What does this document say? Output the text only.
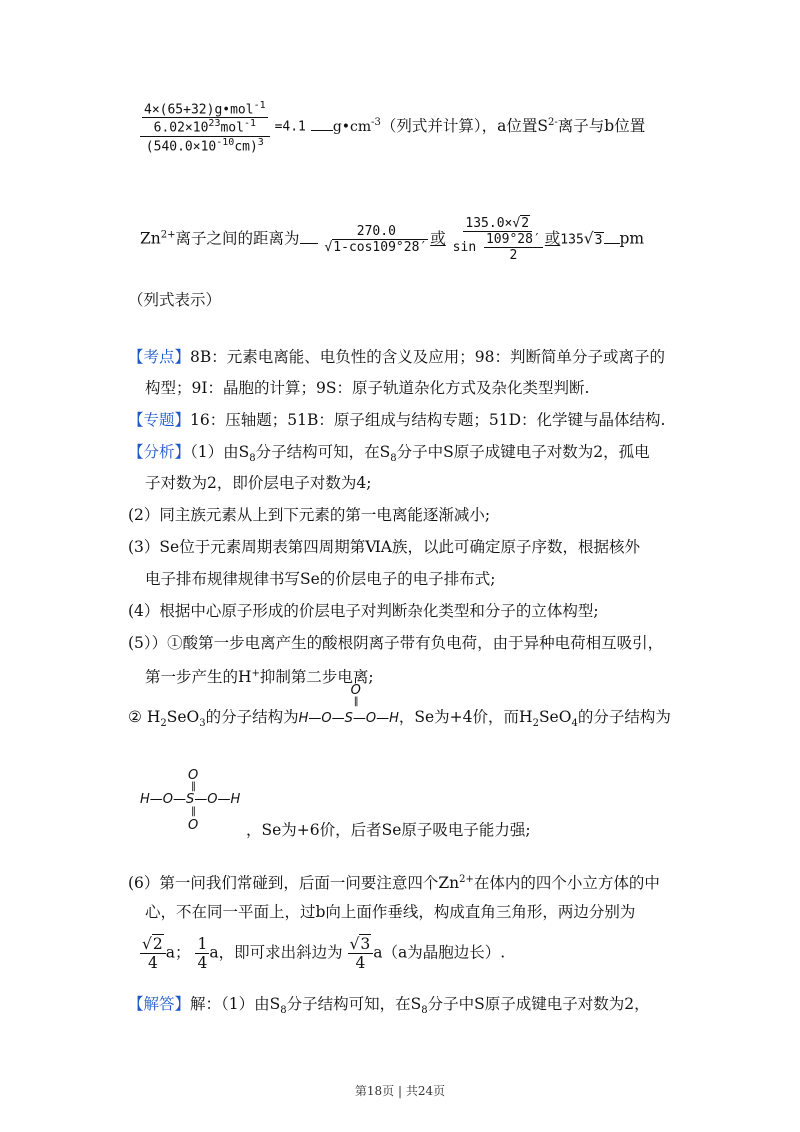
$\frac{\frac{4\times(65+32)g•mol^{-1}}{6.02\times 10^{23}mol^{-1}}}{(540.0\times 10^{-10}cm)^3} =4.1$ $g•cm^{-3}$（列式并计算），a位置$S^{2-}$离子与b位置
$Zn^{2+}$离子之间的距离为 $\frac{270.0}{√1-\cos 109^\circ 28'}$ 或 $\frac{135.0\times√2}{\sin \frac{109^\circ 28'}{2}}$ 或135√3 pm
（列式表示）
【考点】8B：元素电离能、电负性的含义及应用；98：判断简单分子或离子的
构型；9I：晶胞的计算；9S：原子轨道杂化方式及杂化类型判断.
【专题】16：压轴题；51B：原子组成与结构专题；51D：化学键与晶体结构.
【分析】（1）由$S_8$分子结构可知，在$S_8$分子中S原子成键电子对数为2，孤电
子对数为2，即价层电子对数为4;
(2）同主族元素从上到下元素的第一电离能逐渐减小;
(3）Se位于元素周期表第四周期第ⅥA族，以此可确定原子序数，根据核外
电子排布规律规律书写Se的价层电子的电子排布式;
(4）根据中心原子形成的价层电子对判断杂化类型和分子的立体构型;
(5））①酸第一步电离产生的酸根阴离子带有负电荷，由于异种电荷相互吸引，
第一步产生的H+抑制第二步电离;
② $H_2SeO_3$的分子结构为
O
‖
H—O—S—O—H，Se为+4价，而$H_2SeO_4$的分子结构为
O
‖
H—O—S—O—H
‖
O	，Se为+6价，后者Se原子吸电子能力强;
(6）第一问我们常碰到，后面一问要注意四个$Zn^{2+}$在体内的四个小立方体的中
心，不在同一平面上，过b向上面作垂线，构成直角三角形，两边分别为
$\frac{√2}{4}$ a； $\frac{1}{4}$ a，即可求出斜边为 $\frac{√3}{4} a(a$为晶胞边长）.
【解答】解：（1）由$S_8$分子结构可知，在$S_8$分子中S原子成键电子对数为2，
第18页 | 共24页
